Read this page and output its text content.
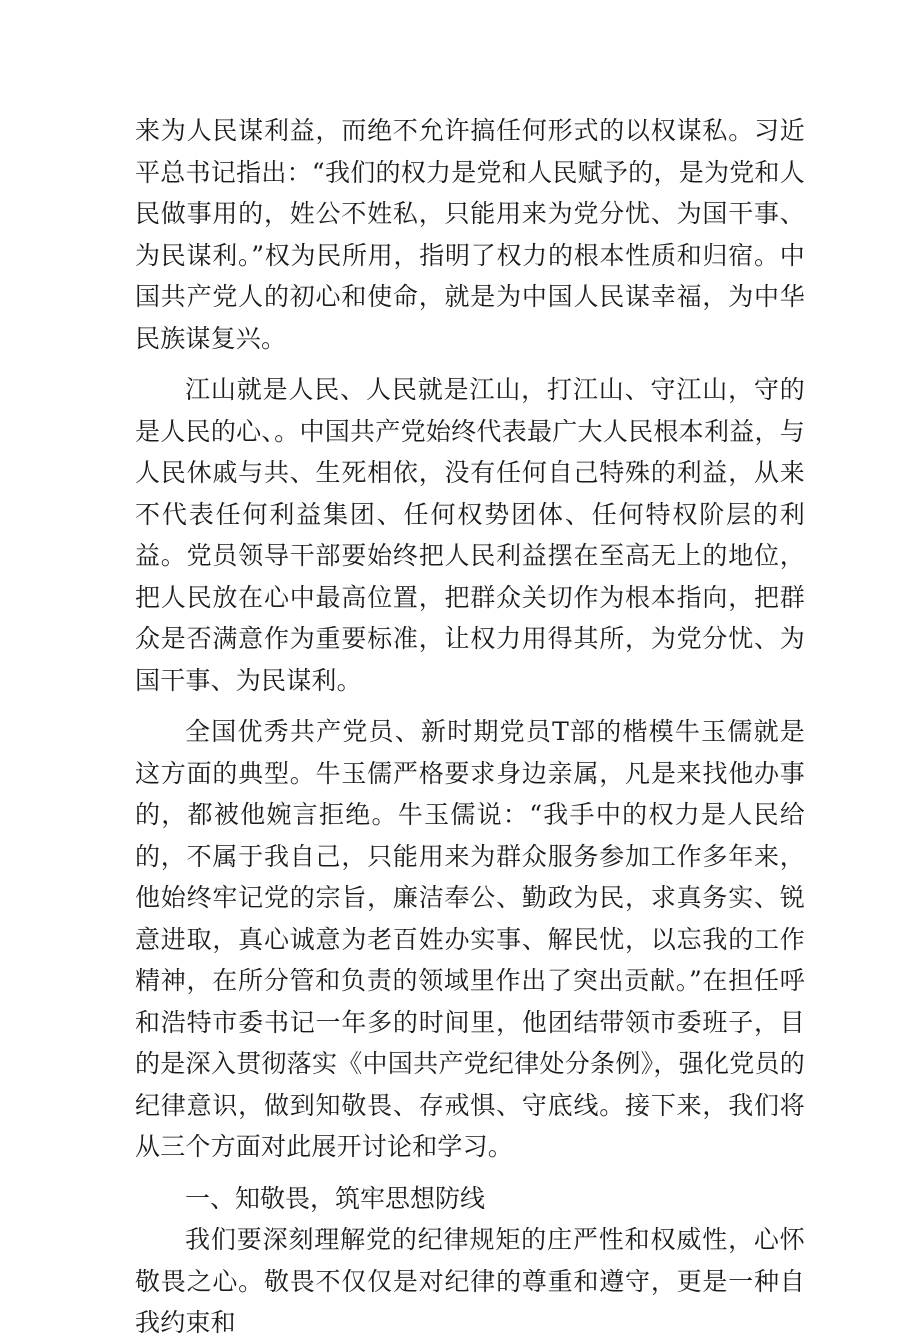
来为人民谋利益，而绝不允许搞任何形式的以权谋私。习近平总书记指出：“我们的权力是党和人民赋予的，是为党和人民做事用的，姓公不姓私，只能用来为党分忧、为国干事、为民谋利。”权为民所用，指明了权力的根本性质和归宿。中国共产党人的初心和使命，就是为中国人民谋幸福，为中华民族谋复兴。

江山就是人民、人民就是江山，打江山、守江山，守的是人民的心、。中国共产党始终代表最广大人民根本利益，与人民休戚与共、生死相依，没有任何自己特殊的利益，从来不代表任何利益集团、任何权势团体、任何特权阶层的利益。党员领导干部要始终把人民利益摆在至高无上的地位，把人民放在心中最高位置，把群众关切作为根本指向，把群众是否满意作为重要标准，让权力用得其所，为党分忧、为国干事、为民谋利。

全国优秀共产党员、新时期党员T部的楷模牛玉儒就是这方面的典型。牛玉儒严格要求身边亲属，凡是来找他办事的，都被他婉言拒绝。牛玉儒说：“我手中的权力是人民给的，不属于我自己，只能用来为群众服务参加工作多年来，他始终牢记党的宗旨，廉洁奉公、勤政为民，求真务实、锐意进取，真心诚意为老百姓办实事、解民忧，以忘我的工作精神，在所分管和负责的领域里作出了突出贡献。”在担任呼和浩特市委书记一年多的时间里，他团结带领市委班子，目的是深入贯彻落实《中国共产党纪律处分条例》，强化党员的纪律意识，做到知敬畏、存戒惧、守底线。接下来，我们将从三个方面对此展开讨论和学习。

一、知敬畏，筑牢思想防线

我们要深刻理解党的纪律规矩的庄严性和权威性，心怀敬畏之心。敬畏不仅仅是对纪律的尊重和遵守，更是一种自我约束和
